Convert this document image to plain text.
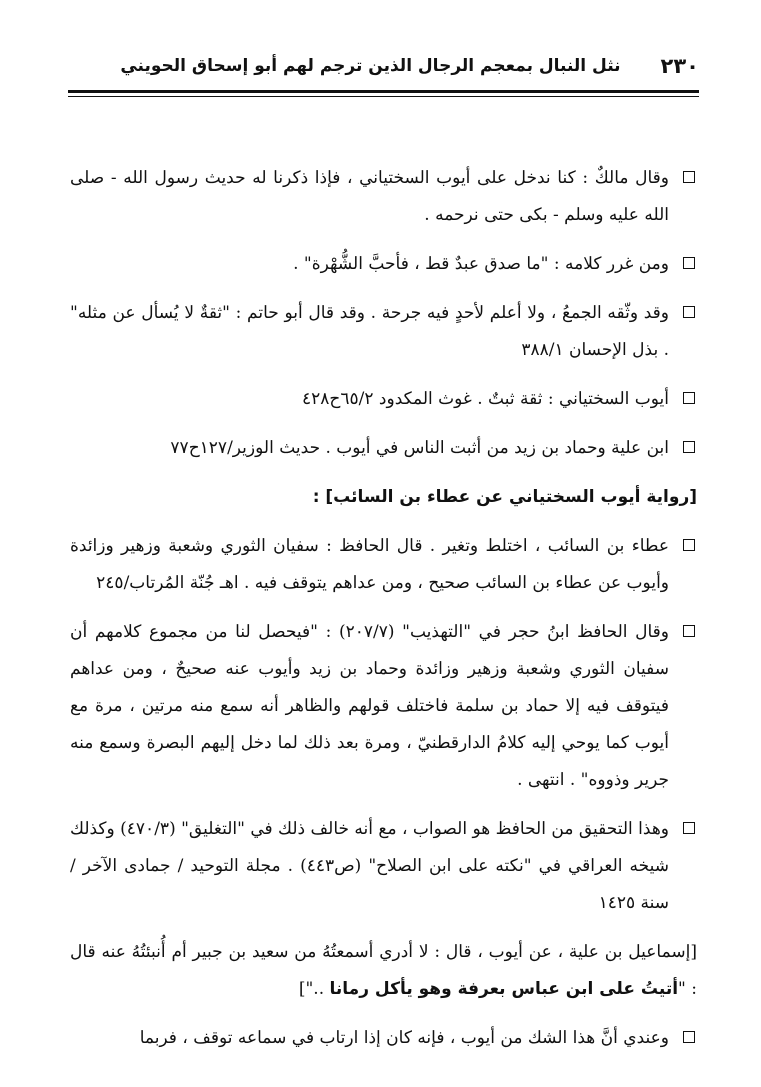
٢٣٠
نثل النبال بمعجم الرجال الذين ترجم لهم أبو إسحاق الحويني
وقال مالكٌ : كنا ندخل على أيوب السختياني ، فإذا ذكرنا له حديث رسول الله - صلى الله عليه وسلم - بكى حتى نرحمه .
ومن غرر كلامه : "ما صدق عبدٌ قط ، فأحبَّ الشُّهْرة" .
وقد وثّقه الجمعُ ، ولا أعلم لأحدٍ فيه جرحة . وقد قال أبو حاتم : "ثقةٌ لا يُسأل عن مثله" . بذل الإحسان ٣٨٨/١
أيوب السختياني : ثقة ثبتٌ . غوث المكدود ٦٥/٢ح٤٢٨
ابن علية وحماد بن زيد من أثبت الناس في أيوب . حديث الوزير/١٢٧ح٧٧
[رواية أيوب السختياني عن عطاء بن السائب] :
عطاء بن السائب ، اختلط وتغير . قال الحافظ : سفيان الثوري وشعبة وزهير وزائدة وأيوب عن عطاء بن السائب صحيح ، ومن عداهم يتوقف فيه . اهـ جُنّة المُرتاب/٢٤٥
وقال الحافظ ابنُ حجر في "التهذيب" (٢٠٧/٧) : "فيحصل لنا من مجموع كلامهم أن سفيان الثوري وشعبة وزهير وزائدة وحماد بن زيد وأيوب عنه صحيحٌ ، ومن عداهم فيتوقف فيه إلا حماد بن سلمة فاختلف قولهم والظاهر أنه سمع منه مرتين ، مرة مع أيوب كما يوحي إليه كلامُ الدارقطنيّ ، ومرة بعد ذلك لما دخل إليهم البصرة وسمع منه جرير وذووه" . انتهى .
وهذا التحقيق من الحافظ هو الصواب ، مع أنه خالف ذلك في "التغليق" (٤٧٠/٣) وكذلك شيخه العراقي في "نكته على ابن الصلاح" (ص٤٤٣) . مجلة التوحيد / جمادى الآخر / سنة ١٤٢٥
[إسماعيل بن علية ، عن أيوب ، قال : لا أدري أسمعتُهُ من سعيد بن جبير أم أُنبئتُهُ عنه قال : "أتيتُ على ابن عباس بعرفة وهو يأكل رمانا .."]
وعندي أنَّ هذا الشك من أيوب ، فإنه كان إذا ارتاب في سماعه توقف ، فربما
